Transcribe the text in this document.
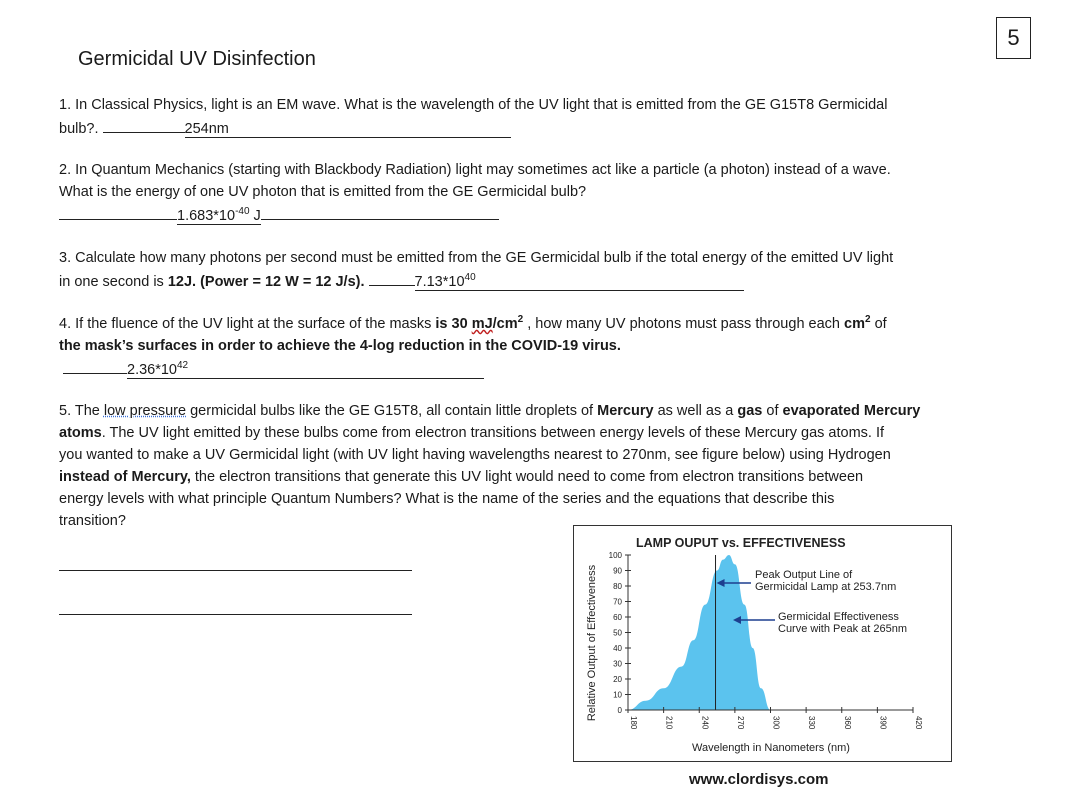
5
Germicidal UV Disinfection
1. In Classical Physics, light is an EM wave. What is the wavelength of the UV light that is emitted from the GE G15T8 Germicidal
bulb?.	254nm
2. In Quantum Mechanics (starting with Blackbody Radiation) light may sometimes act like a particle (a photon) instead of a wave.
What is the energy of one UV photon that is emitted from the GE Germicidal bulb?
$1.683*10^{-40}$ J
3. Calculate how many photons per second must be emitted from the GE Germicidal bulb if the total energy of the emitted UV light
in one second is 12J. (Power = 12 W = 12 J/s).	$7.13*10^{40}$
4. If the fluence of the UV light at the surface of the masks is 30 $mJ/cm^2$ , how many UV photons must pass through each $cm^2$ of
the mask’s surfaces in order to achieve the 4-log reduction in the COVID-19 virus.
$2.36*10^{42}$
5. The low pressure germicidal bulbs like the GE G15T8, all contain little droplets of Mercury as well as a gas of evaporated Mercury
atoms. The UV light emitted by these bulbs come from electron transitions between energy levels of these Mercury gas atoms. If
you wanted to make a UV Germicidal light (with UV light having wavelengths nearest to 270nm, see figure below) using Hydrogen
instead of Mercury, the electron transitions that generate this UV light would need to come from electron transitions between
energy levels with what principle Quantum Numbers? What is the name of the series and the equations that describe this
transition?
LAMP OUPUT vs. EFFECTIVENESS
0
10
20
30
40
50
60
70
80
90
100
180	210	240	270	300	330	360	390	420
Peak Output Line of
Germicidal Lamp at 253.7nm
Germicidal Effectiveness
Curve with Peak at 265nm
Wavelength in Nanometers (nm)
Relative Output of Effectiveness
www.clordisys.com
